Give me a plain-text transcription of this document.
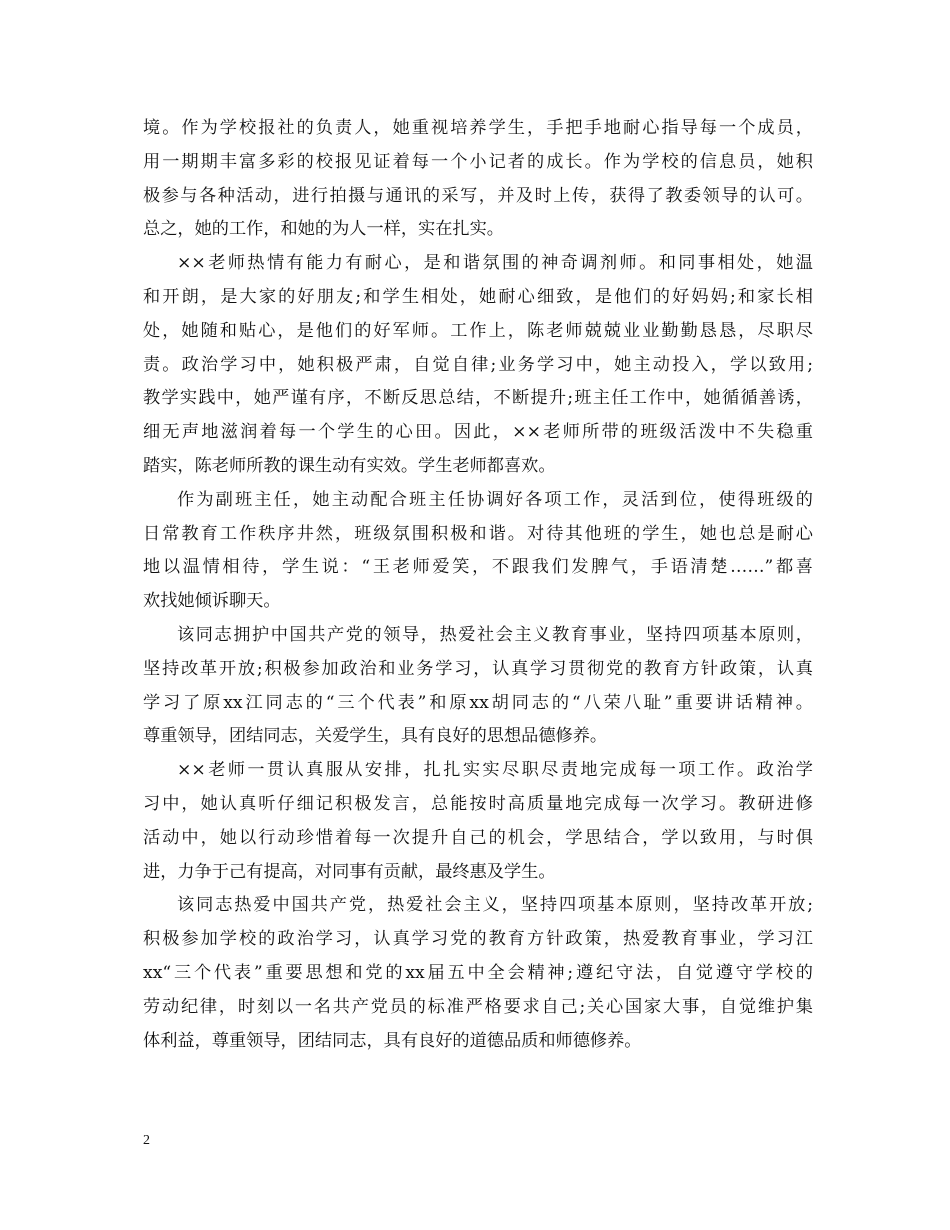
境。作为学校报社的负责人，她重视培养学生，手把手地耐心指导每一个成员，
用一期期丰富多彩的校报见证着每一个小记者的成长。作为学校的信息员，她积
极参与各种活动，进行拍摄与通讯的采写，并及时上传，获得了教委领导的认可。
总之，她的工作，和她的为人一样，实在扎实。
××老师热情有能力有耐心，是和谐氛围的神奇调剂师。和同事相处，她温
和开朗，是大家的好朋友;和学生相处，她耐心细致，是他们的好妈妈;和家长相
处，她随和贴心，是他们的好军师。工作上，陈老师兢兢业业勤勤恳恳，尽职尽
责。政治学习中，她积极严肃，自觉自律;业务学习中，她主动投入，学以致用;
教学实践中，她严谨有序，不断反思总结，不断提升;班主任工作中，她循循善诱，
细无声地滋润着每一个学生的心田。因此，××老师所带的班级活泼中不失稳重
踏实，陈老师所教的课生动有实效。学生老师都喜欢。
作为副班主任，她主动配合班主任协调好各项工作，灵活到位，使得班级的
日常教育工作秩序井然，班级氛围积极和谐。对待其他班的学生，她也总是耐心
地以温情相待，学生说：“王老师爱笑，不跟我们发脾气，手语清楚……”都喜
欢找她倾诉聊天。
该同志拥护中国共产党的领导，热爱社会主义教育事业，坚持四项基本原则，
坚持改革开放;积极参加政治和业务学习，认真学习贯彻党的教育方针政策，认真
学习了原xx江同志的“三个代表”和原xx胡同志的“八荣八耻”重要讲话精神。
尊重领导，团结同志，关爱学生，具有良好的思想品德修养。
××老师一贯认真服从安排，扎扎实实尽职尽责地完成每一项工作。政治学
习中，她认真听仔细记积极发言，总能按时高质量地完成每一次学习。教研进修
活动中，她以行动珍惜着每一次提升自己的机会，学思结合，学以致用，与时俱
进，力争于己有提高，对同事有贡献，最终惠及学生。
该同志热爱中国共产党，热爱社会主义，坚持四项基本原则，坚持改革开放;
积极参加学校的政治学习，认真学习党的教育方针政策，热爱教育事业，学习江
xx“三个代表”重要思想和党的xx届五中全会精神;遵纪守法，自觉遵守学校的
劳动纪律，时刻以一名共产党员的标准严格要求自己;关心国家大事，自觉维护集
体利益，尊重领导，团结同志，具有良好的道德品质和师德修养。
2
